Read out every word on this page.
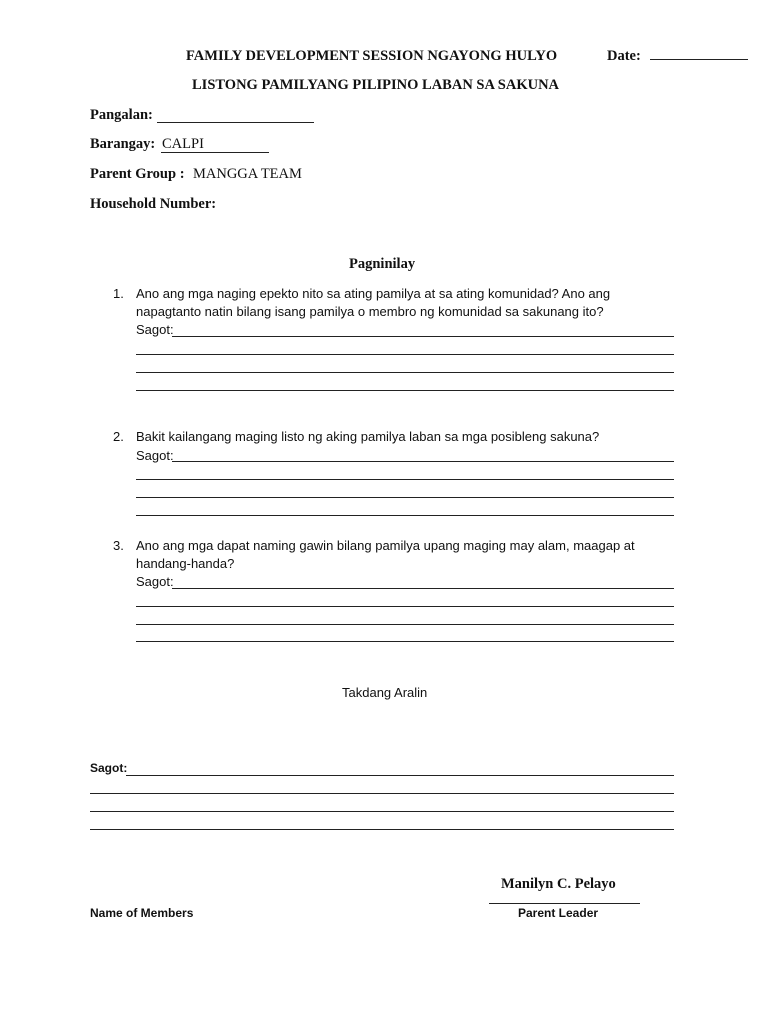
FAMILY DEVELOPMENT SESSION NGAYONG HULYO	Date:
LISTONG PAMILYANG PILIPINO LABAN SA SAKUNA
Pangalan:
Barangay: CALPI
Parent Group : MANGGA TEAM
Household Number:
Pagninilay
1. Ano ang mga naging epekto nito sa ating pamilya at sa ating komunidad? Ano ang
napagtanto natin bilang isang pamilya o membro ng komunidad sa sakunang ito?
Sagot:
2. Bakit kailangang maging listo ng aking pamilya laban sa mga posibleng sakuna?
Sagot:
3. Ano ang mga dapat naming gawin bilang pamilya upang maging may alam, maagap at
handang-handa?
Sagot:
Takdang Aralin
Sagot:
Manilyn C. Pelayo
Parent Leader
Name of Members
